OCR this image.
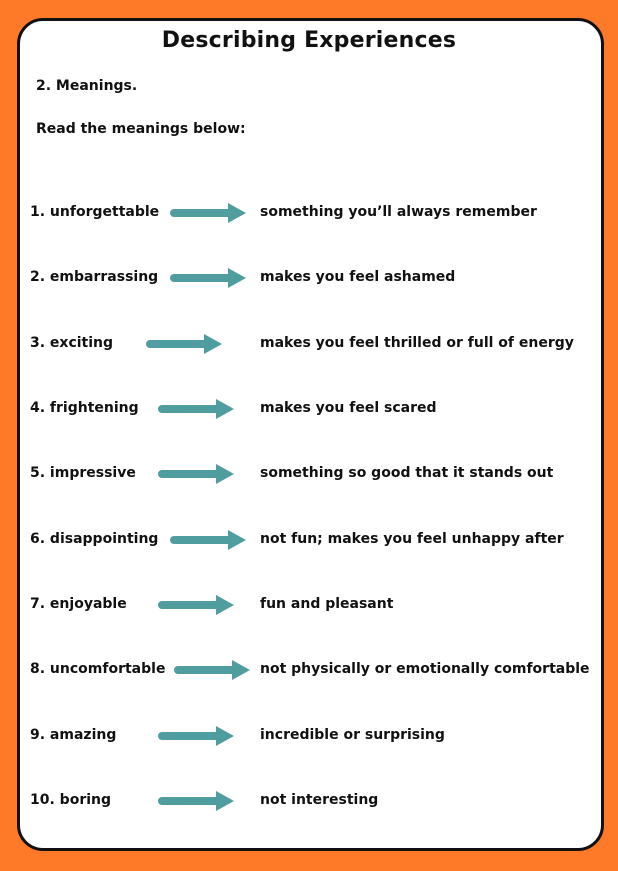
Describing Experiences
2. Meanings.
Read the meanings below:
1. unforgettable	something you’ll always remember
2. embarrassing	makes you feel ashamed
3. exciting	makes you feel thrilled or full of energy
4. frightening	makes you feel scared
5. impressive	something so good that it stands out
6. disappointing	not fun; makes you feel unhappy after
7. enjoyable	fun and pleasant
8. uncomfortable	not physically or emotionally comfortable
9. amazing	incredible or surprising
10. boring	not interesting
